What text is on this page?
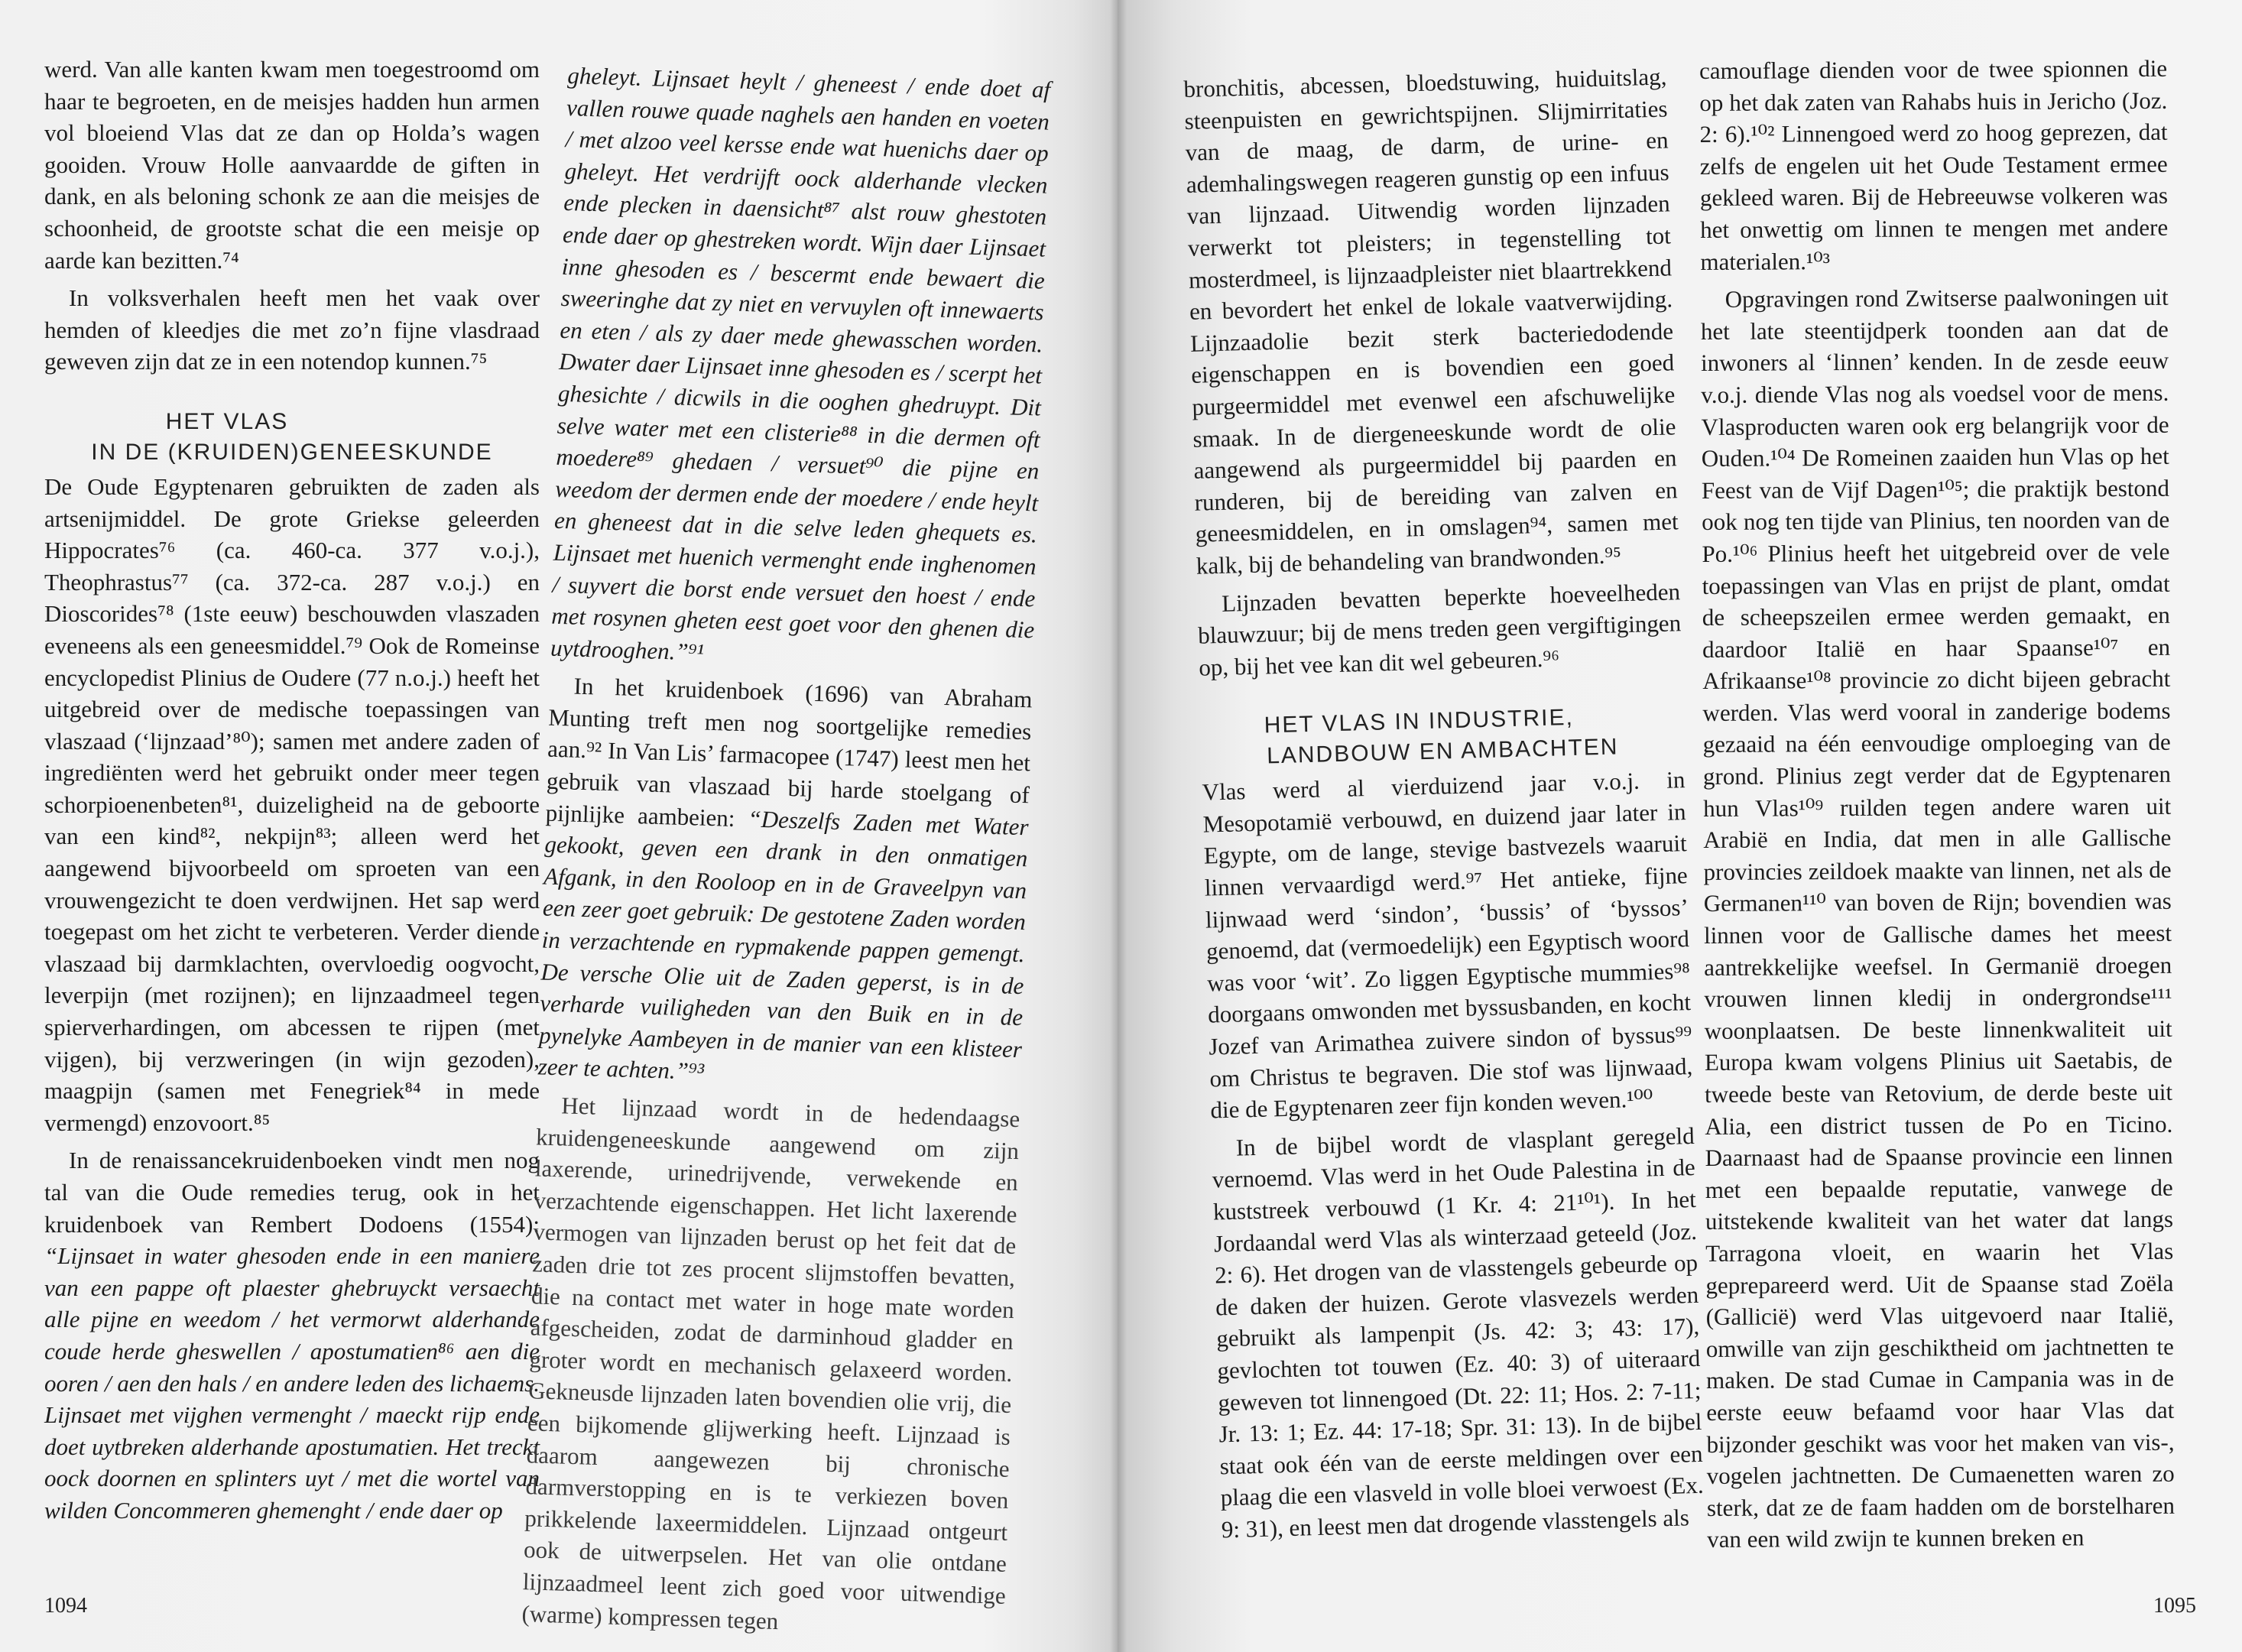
werd. Van alle kanten kwam men toegestroomd om haar te begroeten, en de meisjes hadden hun armen vol bloeiend Vlas dat ze dan op Holda’s wagen gooiden. Vrouw Holle aanvaardde de giften in dank, en als beloning schonk ze aan die meisjes de schoonheid, de grootste schat die een meisje op aarde kan bezitten.⁷⁴

In volksverhalen heeft men het vaak over hemden of kleedjes die met zo’n fijne vlasdraad geweven zijn dat ze in een notendop kunnen.⁷⁵

HET VLAS
IN DE (KRUIDEN)GENEESKUNDE

De Oude Egyptenaren gebruikten de zaden als artsenijmiddel. De grote Griekse geleerden Hippocrates⁷⁶ (ca. 460-ca. 377 v.o.j.), Theophrastus⁷⁷ (ca. 372-ca. 287 v.o.j.) en Dioscorides⁷⁸ (1ste eeuw) beschouwden vlaszaden eveneens als een geneesmiddel.⁷⁹ Ook de Romeinse encyclopedist Plinius de Oudere (77 n.o.j.) heeft het uitgebreid over de medische toepassingen van vlaszaad (‘lijnzaad’⁸⁰); samen met andere zaden of ingrediënten werd het gebruikt onder meer tegen schorpioenenbeten⁸¹, duizeligheid na de geboorte van een kind⁸², nekpijn⁸³; alleen werd het aangewend bijvoorbeeld om sproeten van een vrouwengezicht te doen verdwijnen. Het sap werd toegepast om het zicht te verbeteren. Verder diende vlaszaad bij darmklachten, overvloedig oogvocht, leverpijn (met rozijnen); en lijnzaadmeel tegen spierverhardingen, om abcessen te rijpen (met vijgen), bij verzweringen (in wijn gezoden), maagpijn (samen met Fenegriek⁸⁴ in mede vermengd) enzovoort.⁸⁵

In de renaissancekruidenboeken vindt men nog tal van die Oude remedies terug, ook in het kruidenboek van Rembert Dodoens (1554): “Lijnsaet in water ghesoden ende in een maniere van een pappe oft plaester ghebruyckt versaecht alle pijne en weedom / het vermorwt alderhande coude herde gheswellen / apostumatien⁸⁶ aen die ooren / aen den hals / en andere leden des lichaems. Lijnsaet met vijghen vermenght / maeckt rijp ende doet uytbreken alderhande apostumatien. Het treckt oock doornen en splinters uyt / met die wortel van wilden Concommeren ghemenght / ende daer op

gheleyt. Lijnsaet heylt / gheneest / ende doet af vallen rouwe quade naghels aen handen en voeten / met alzoo veel kersse ende wat huenichs daer op gheleyt. Het verdrijft oock alderhande vlecken ende plecken in daensicht⁸⁷ alst rouw ghestoten ende daer op ghestreken wordt. Wijn daer Lijnsaet inne ghesoden es / bescermt ende bewaert die sweeringhe dat zy niet en vervuylen oft innewaerts en eten / als zy daer mede ghewasschen worden. Dwater daer Lijnsaet inne ghesoden es / scerpt het ghesichte / dicwils in die ooghen ghedruypt. Dit selve water met een clisterie⁸⁸ in die dermen oft moedere⁸⁹ ghedaen / versuet⁹⁰ die pijne en weedom der dermen ende der moedere / ende heylt en gheneest dat in die selve leden ghequets es. Lijnsaet met huenich vermenght ende inghenomen / suyvert die borst ende versuet den hoest / ende met rosynen gheten eest goet voor den ghenen die uytdrooghen.”⁹¹

In het kruidenboek (1696) van Abraham Munting treft men nog soortgelijke remedies aan.⁹² In Van Lis’ farmacopee (1747) leest men het gebruik van vlaszaad bij harde stoelgang of pijnlijke aambeien: “Deszelfs Zaden met Water gekookt, geven een drank in den onmatigen Afgank, in den Rooloop en in de Graveelpyn van een zeer goet gebruik: De gestotene Zaden worden in verzachtende en rypmakende pappen gemengt. De versche Olie uit de Zaden geperst, is in de verharde vuiligheden van den Buik en in de pynelyke Aambeyen in de manier van een klisteer zeer te achten.”⁹³

Het lijnzaad wordt in de hedendaagse kruidengeneeskunde aangewend om zijn laxerende, urinedrijvende, verwekende en verzachtende eigenschappen. Het licht laxerende vermogen van lijnzaden berust op het feit dat de zaden drie tot zes procent slijmstoffen bevatten, die na contact met water in hoge mate worden afgescheiden, zodat de darminhoud gladder en groter wordt en mechanisch gelaxeerd worden. Gekneusde lijnzaden laten bovendien olie vrij, die een bijkomende glijwerking heeft. Lijnzaad is daarom aangewezen bij chronische darmverstopping en is te verkiezen boven prikkelende laxeermiddelen. Lijnzaad ontgeurt ook de uitwerpselen. Het van olie ontdane lijnzaadmeel leent zich goed voor uitwendige (warme) kompressen tegen

1094

bronchitis, abcessen, bloedstuwing, huiduitslag, steenpuisten en gewrichtspijnen. Slijmirritaties van de maag, de darm, de urine- en ademhalingswegen reageren gunstig op een infuus van lijnzaad. Uitwendig worden lijnzaden verwerkt tot pleisters; in tegenstelling tot mosterdmeel, is lijnzaadpleister niet blaartrekkend en bevordert het enkel de lokale vaatverwijding. Lijnzaadolie bezit sterk bacteriedodende eigenschappen en is bovendien een goed purgeermiddel met evenwel een afschuwelijke smaak. In de diergeneeskunde wordt de olie aangewend als purgeermiddel bij paarden en runderen, bij de bereiding van zalven en geneesmiddelen, en in omslagen⁹⁴, samen met kalk, bij de behandeling van brandwonden.⁹⁵

Lijnzaden bevatten beperkte hoeveelheden blauwzuur; bij de mens treden geen vergiftigingen op, bij het vee kan dit wel gebeuren.⁹⁶

HET VLAS IN INDUSTRIE,
LANDBOUW EN AMBACHTEN

Vlas werd al vierduizend jaar v.o.j. in Mesopotamië verbouwd, en duizend jaar later in Egypte, om de lange, stevige bastvezels waaruit linnen vervaardigd werd.⁹⁷ Het antieke, fijne lijnwaad werd ‘sindon’, ‘bussis’ of ‘byssos’ genoemd, dat (vermoedelijk) een Egyptisch woord was voor ‘wit’. Zo liggen Egyptische mummies⁹⁸ doorgaans omwonden met byssusbanden, en kocht Jozef van Arimathea zuivere sindon of byssus⁹⁹ om Christus te begraven. Die stof was lijnwaad, die de Egyptenaren zeer fijn konden weven.¹⁰⁰

In de bijbel wordt de vlasplant geregeld vernoemd. Vlas werd in het Oude Palestina in de kuststreek verbouwd (1 Kr. 4: 21¹⁰¹). In het Jordaandal werd Vlas als winterzaad geteeld (Joz. 2: 6). Het drogen van de vlasstengels gebeurde op de daken der huizen. Gerote vlasvezels werden gebruikt als lampenpit (Js. 42: 3; 43: 17), gevlochten tot touwen (Ez. 40: 3) of uiteraard geweven tot linnengoed (Dt. 22: 11; Hos. 2: 7-11; Jr. 13: 1; Ez. 44: 17-18; Spr. 31: 13). In de bijbel staat ook één van de eerste meldingen over een plaag die een vlasveld in volle bloei verwoest (Ex. 9: 31), en leest men dat drogende vlasstengels als

camouflage dienden voor de twee spionnen die op het dak zaten van Rahabs huis in Jericho (Joz. 2: 6).¹⁰² Linnengoed werd zo hoog geprezen, dat zelfs de engelen uit het Oude Testament ermee gekleed waren. Bij de Hebreeuwse volkeren was het onwettig om linnen te mengen met andere materialen.¹⁰³

Opgravingen rond Zwitserse paalwoningen uit het late steentijdperk toonden aan dat de inwoners al ‘linnen’ kenden. In de zesde eeuw v.o.j. diende Vlas nog als voedsel voor de mens. Vlasproducten waren ook erg belangrijk voor de Ouden.¹⁰⁴ De Romeinen zaaiden hun Vlas op het Feest van de Vijf Dagen¹⁰⁵; die praktijk bestond ook nog ten tijde van Plinius, ten noorden van de Po.¹⁰⁶ Plinius heeft het uitgebreid over de vele toepassingen van Vlas en prijst de plant, omdat de scheepszeilen ermee werden gemaakt, en daardoor Italië en haar Spaanse¹⁰⁷ en Afrikaanse¹⁰⁸ provincie zo dicht bijeen gebracht werden. Vlas werd vooral in zanderige bodems gezaaid na één eenvoudige omploeging van de grond. Plinius zegt verder dat de Egyptenaren hun Vlas¹⁰⁹ ruilden tegen andere waren uit Arabië en India, dat men in alle Gallische provincies zeildoek maakte van linnen, net als de Germanen¹¹⁰ van boven de Rijn; bovendien was linnen voor de Gallische dames het meest aantrekkelijke weefsel. In Germanië droegen vrouwen linnen kledij in ondergrondse¹¹¹ woonplaatsen. De beste linnenkwaliteit uit Europa kwam volgens Plinius uit Saetabis, de tweede beste van Retovium, de derde beste uit Alia, een district tussen de Po en Ticino. Daarnaast had de Spaanse provincie een linnen met een bepaalde reputatie, vanwege de uitstekende kwaliteit van het water dat langs Tarragona vloeit, en waarin het Vlas geprepareerd werd. Uit de Spaanse stad Zoëla (Gallicië) werd Vlas uitgevoerd naar Italië, omwille van zijn geschiktheid om jachtnetten te maken. De stad Cumae in Campania was in de eerste eeuw befaamd voor haar Vlas dat bijzonder geschikt was voor het maken van vis-, vogelen jachtnetten. De Cumaenetten waren zo sterk, dat ze de faam hadden om de borstelharen van een wild zwijn te kunnen breken en

1095
